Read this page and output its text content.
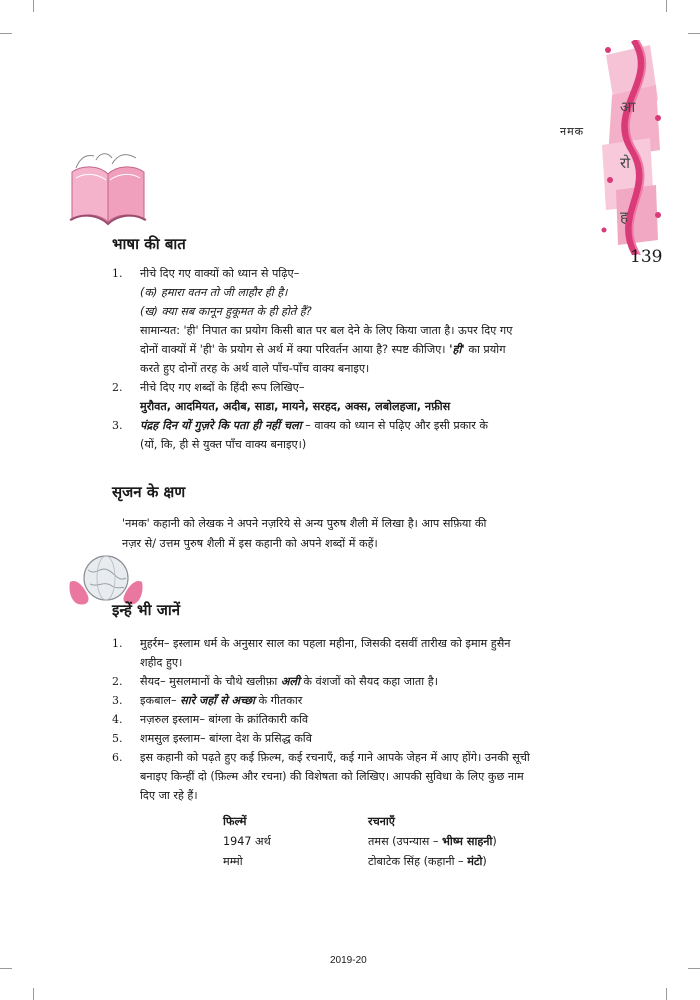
आ
रो
ह
नमक
139
भाषा की बात
1. नीचे दिए गए वाक्यों को ध्यान से पढ़िए–
(क) हमारा वतन तो जी लाहौर ही है।
(ख) क्या सब कानून हुकूमत के ही होते हैं?
सामान्यत: 'ही' निपात का प्रयोग किसी बात पर बल देने के लिए किया जाता है। ऊपर दिए गए
दोनों वाक्यों में 'ही' के प्रयोग से अर्थ में क्या परिवर्तन आया है? स्पष्ट कीजिए। 'ही' का प्रयोग
करते हुए दोनों तरह के अर्थ वाले पाँच-पाँच वाक्य बनाइए।
2. नीचे दिए गए शब्दों के हिंदी रूप लिखिए–
मुरौवत, आदमियत, अदीब, साडा, मायने, सरहद, अक्स, लबोलहजा, नफ़ीस
3. पंद्रह दिन यों गुज़रे कि पता ही नहीं चला – वाक्य को ध्यान से पढ़िए और इसी प्रकार के
(यों, कि, ही से युक्त पाँच वाक्य बनाइए।)
सृजन के क्षण
'नमक' कहानी को लेखक ने अपने नज़रिये से अन्य पुरुष शैली में लिखा है। आप सफ़िया की
नज़र से/ उत्तम पुरुष शैली में इस कहानी को अपने शब्दों में कहें।
इन्हें भी जानें
1. मुहर्रम– इस्लाम धर्म के अनुसार साल का पहला महीना, जिसकी दसवीं तारीख को इमाम हुसैन
शहीद हुए।
2. सैयद– मुसलमानों के चौथे खलीफ़ा अली के वंशजों को सैयद कहा जाता है।
3. इकबाल– सारे जहाँ से अच्छा के गीतकार
4. नज़रुल इस्लाम– बांग्ला के क्रांतिकारी कवि
5. शमसुल इस्लाम– बांग्ला देश के प्रसिद्ध कवि
6. इस कहानी को पढ़ते हुए कई फ़िल्म, कई रचनाएँ, कई गाने आपके जेहन में आए होंगे। उनकी सूची
बनाइए किन्हीं दो (फ़िल्म और रचना) की विशेषता को लिखिए। आपकी सुविधा के लिए कुछ नाम
दिए जा रहे हैं।
फिल्में	रचनाएँ
1947 अर्थ	तमस (उपन्यास – भीष्म साहनी)
मम्मो	टोबाटेक सिंह (कहानी – मंटो)
2019-20
